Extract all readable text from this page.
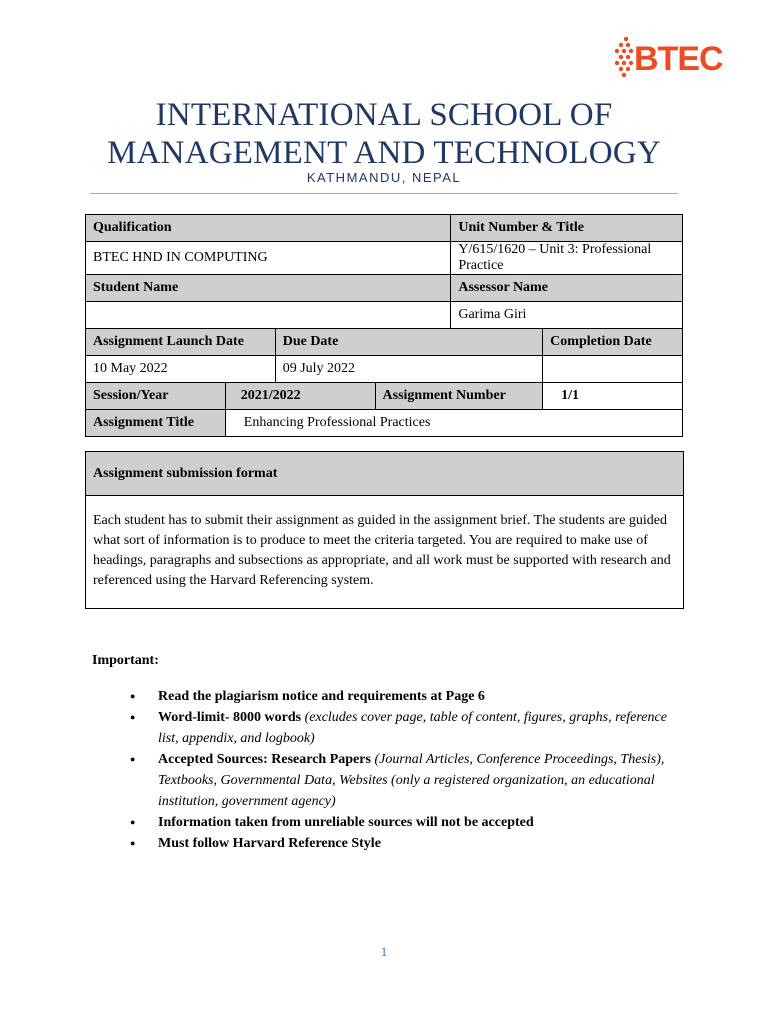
BTEC
INTERNATIONAL SCHOOL OF
MANAGEMENT AND TECHNOLOGY
KATHMANDU, NEPAL
Qualification				Unit Number & Title	
BTEC HND IN COMPUTING				Y/615/1620 – Unit 3: Professional Practice	
Student Name				Assessor Name	
				Garima Giri	
Assignment Launch Date		Due Date			Completion Date
10 May 2022		09 July 2022			
Session/Year	2021/2022		Assignment Number		1/1
Assignment Title	Enhancing Professional Practices				
Assignment submission format
Each student has to submit their assignment as guided in the assignment brief. The students are guided what sort of information is to produce to meet the criteria targeted. You are required to make use of headings, paragraphs and subsections as appropriate, and all work must be supported with research and referenced using the Harvard Referencing system.
Important:
● Read the plagiarism notice and requirements at Page 6
● Word-limit- 8000 words (excludes cover page, table of content, figures, graphs, reference list, appendix, and logbook)
● Accepted Sources: Research Papers (Journal Articles, Conference Proceedings, Thesis), Textbooks, Governmental Data, Websites (only a registered organization, an educational institution, government agency)
● Information taken from unreliable sources will not be accepted
● Must follow Harvard Reference Style
1
